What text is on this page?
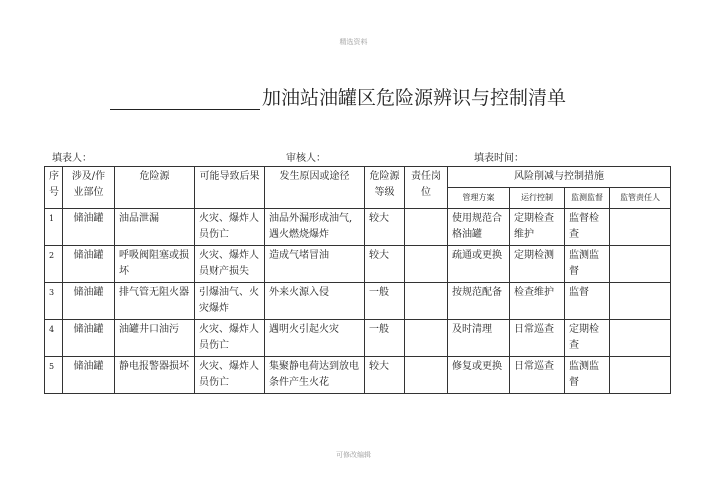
精选资料
加油站油罐区危险源辨识与控制清单
填表人：	审核人：	填表时间：
序号	涉及/作业部位	危险源	可能导致后果	发生原因或途径	危险源等级	责任岗位	风险削减与控制措施			
							管理方案	运行控制	监测监督	监管责任人
1	储油罐	油品泄漏	火灾、爆炸人员伤亡	油品外漏形成油气,遇火燃烧爆炸	较大		使用规范合格油罐	定期检查维护	监督检查	
2	储油罐	呼吸阀阻塞或损坏	火灾、爆炸人员财产损失	造成气堵冒油	较大		疏通或更换	定期检测	监测监督	
3	储油罐	排气管无阻火器	引爆油气、火灾爆炸	外来火源入侵	一般		按规范配备	检查维护	监督	
4	储油罐	油罐井口油污	火灾、爆炸人员伤亡	遇明火引起火灾	一般		及时清理	日常巡查	定期检查	
5	储油罐	静电报警器损坏	火灾、爆炸人员伤亡	集聚静电荷达到放电条件产生火花	较大		修复或更换	日常巡查	监测监督	
可修改编辑
